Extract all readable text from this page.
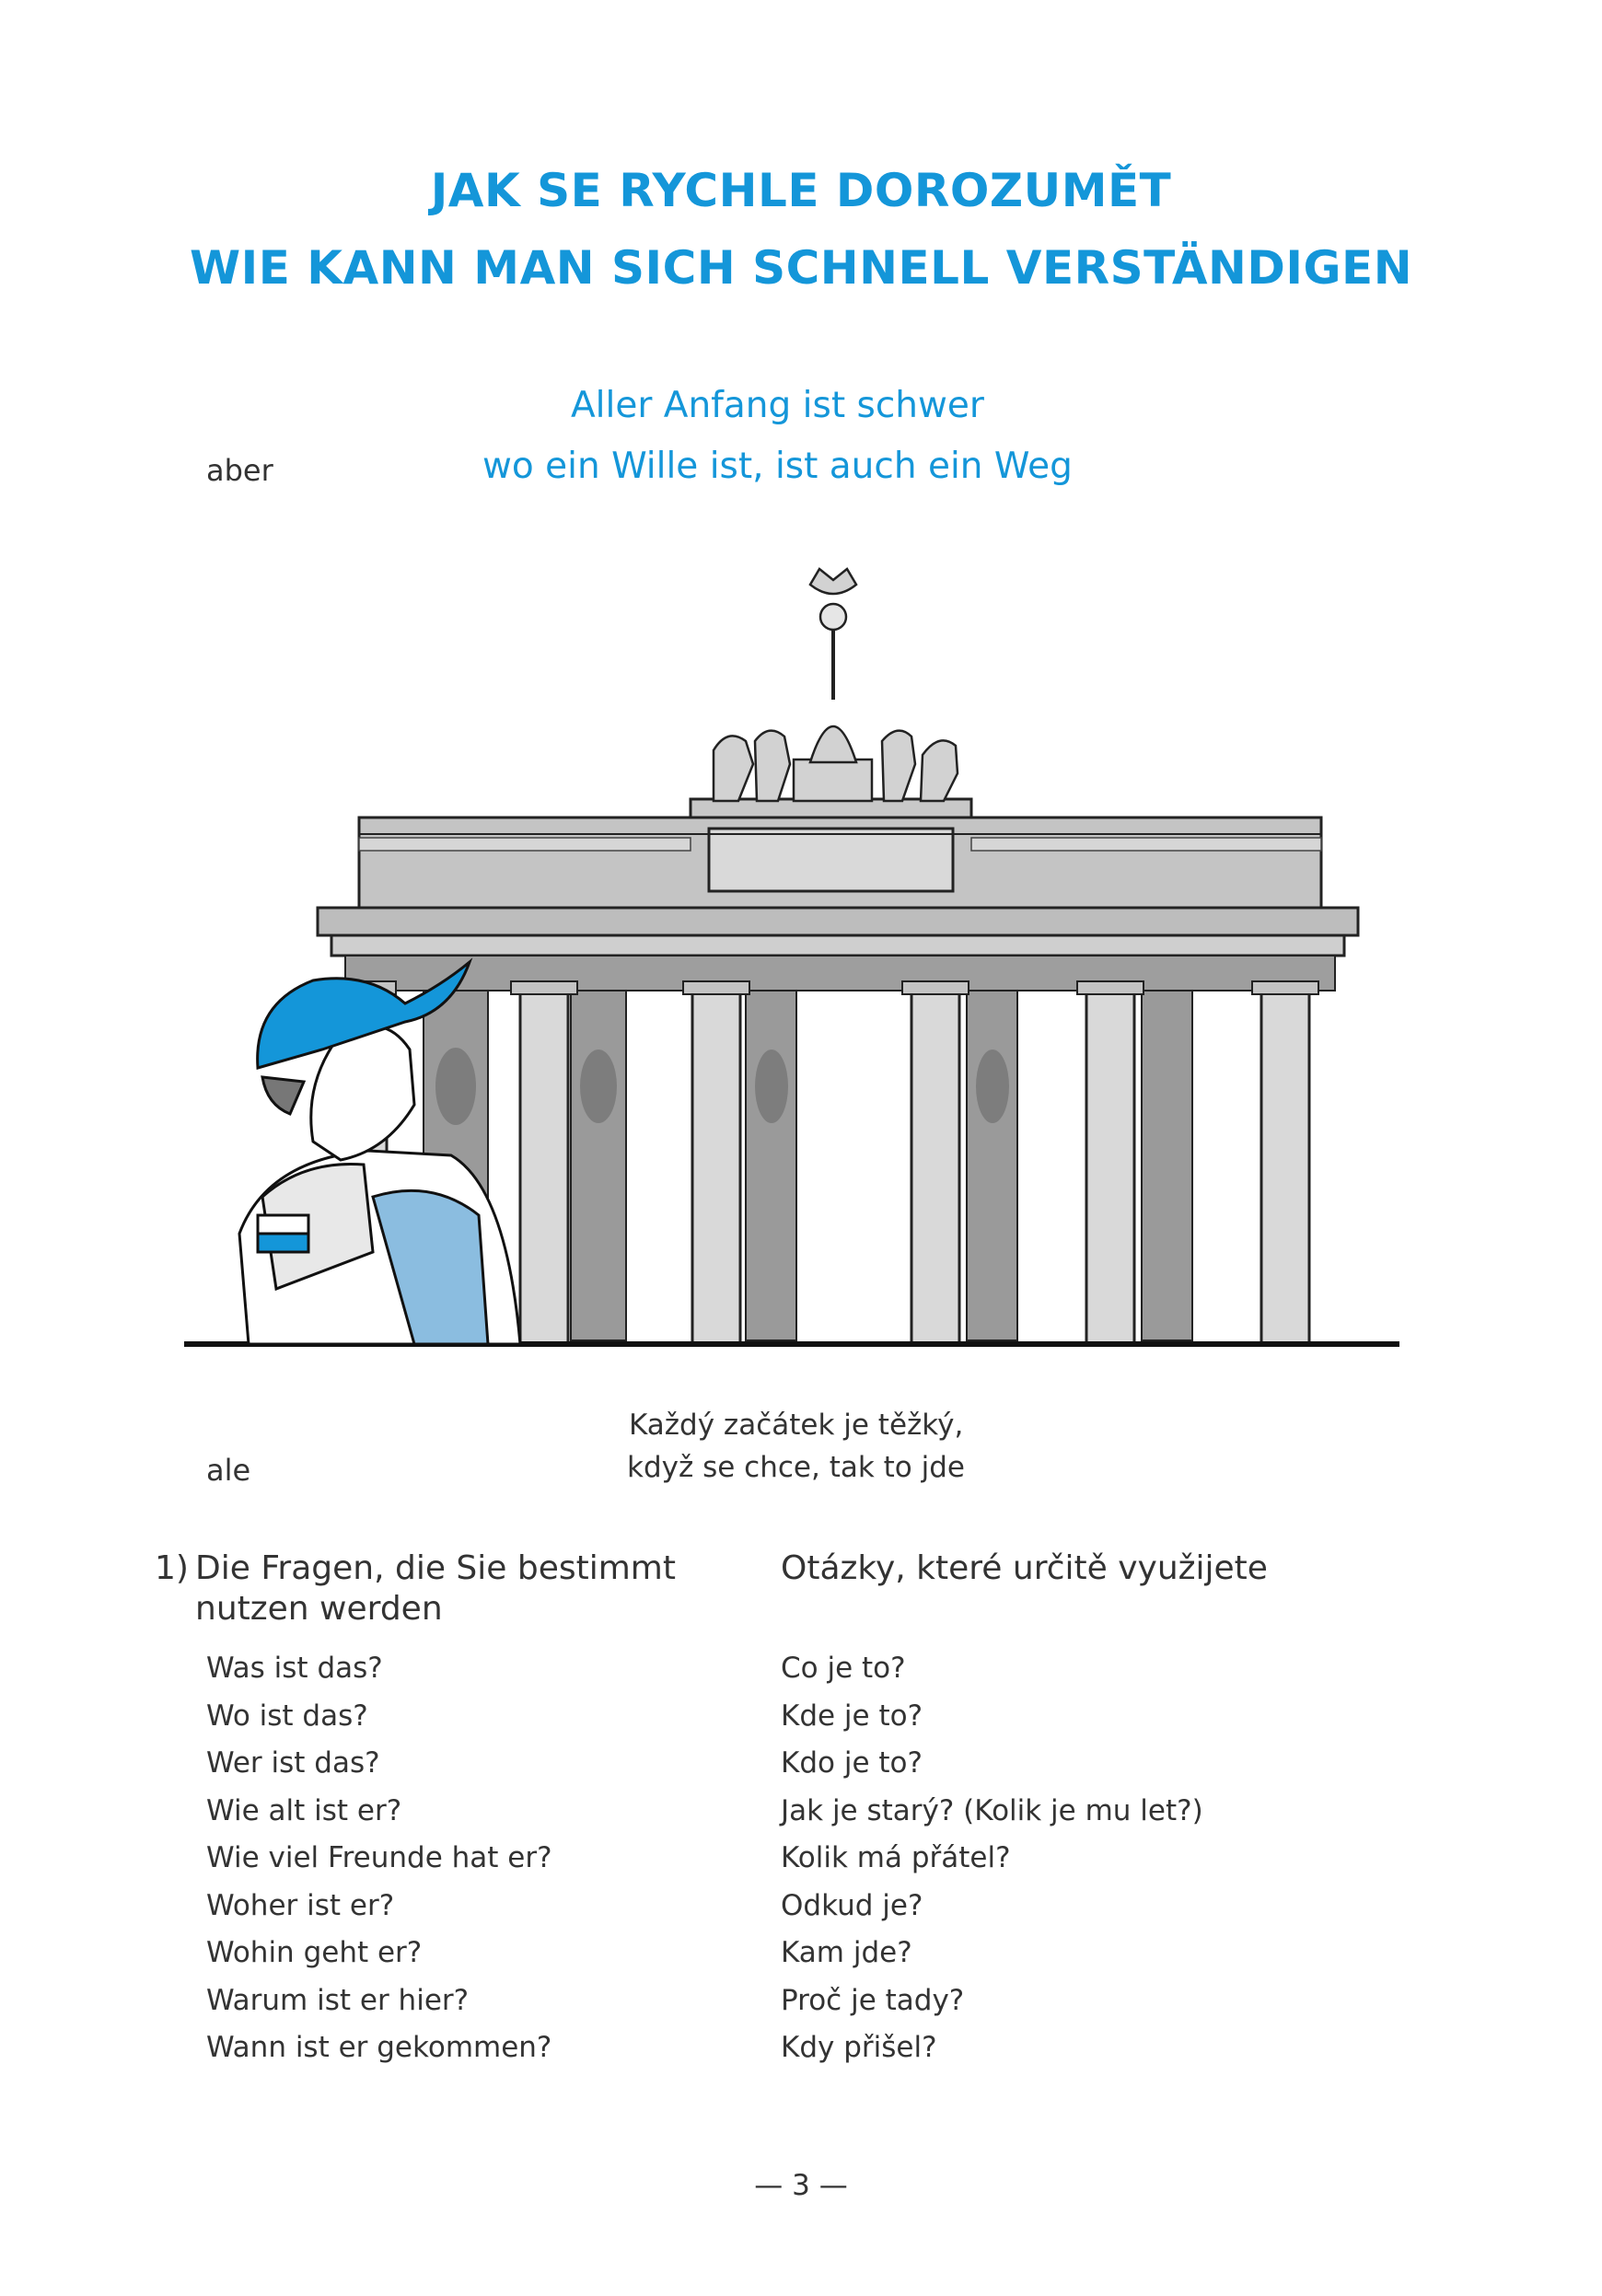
JAK SE RYCHLE DOROZUMĚT
WIE KANN MAN SICH SCHNELL VERSTÄNDIGEN
Aller Anfang ist schwer
aber	wo ein Wille ist, ist auch ein Weg
Každý začátek je těžký,
ale	když se chce, tak to jde
1) Die Fragen, die Sie bestimmt
nutzen werden
Otázky, které určitě využijete
Was ist das?
Wo ist das?
Wer ist das?
Wie alt ist er?
Wie viel Freunde hat er?
Woher ist er?
Wohin geht er?
Warum ist er hier?
Wann ist er gekommen?
Co je to?
Kde je to?
Kdo je to?
Jak je starý? (Kolik je mu let?)
Kolik má přátel?
Odkud je?
Kam jde?
Proč je tady?
Kdy přišel?
— 3 —
